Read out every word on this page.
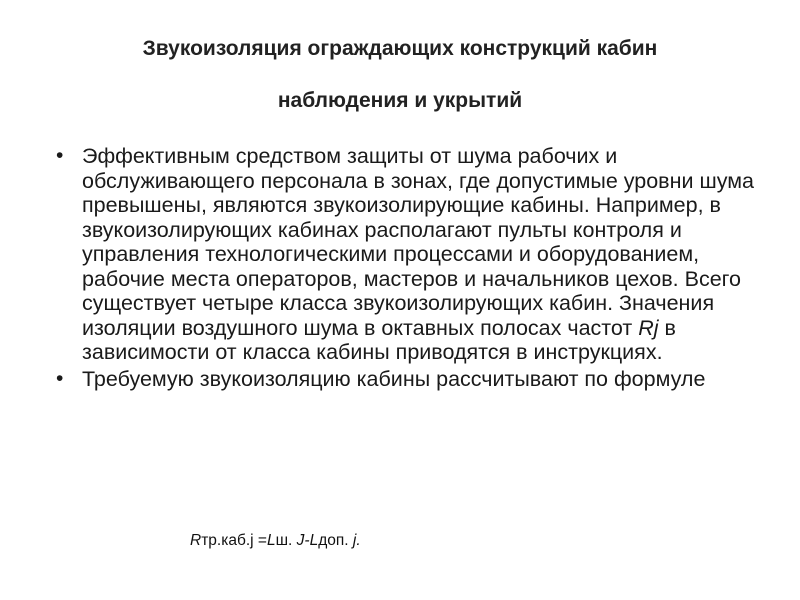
Звукоизоляция ограждающих конструкций кабин
наблюдения и укрытий
• Эффективным средством защиты от шума рабочих и обслуживающего персонала в зонах, где допустимые уровни шума превышены, являются звукоизолирующие кабины. Например, в звукоизолирующих кабинах располагают пульты контроля и управления технологическими процессами и оборудованием, рабочие места операторов, мастеров и начальников цехов. Всего существует четыре класса звукоизолирующих кабин. Значения изоляции воздушного шума в октавных полосах частот Rj в зависимости от класса кабины приводятся в инструкциях.
• Требуемую звукоизоляцию кабины рассчитывают по формуле
Rтр.каб.j =Lш. J-Lдоп. j.
